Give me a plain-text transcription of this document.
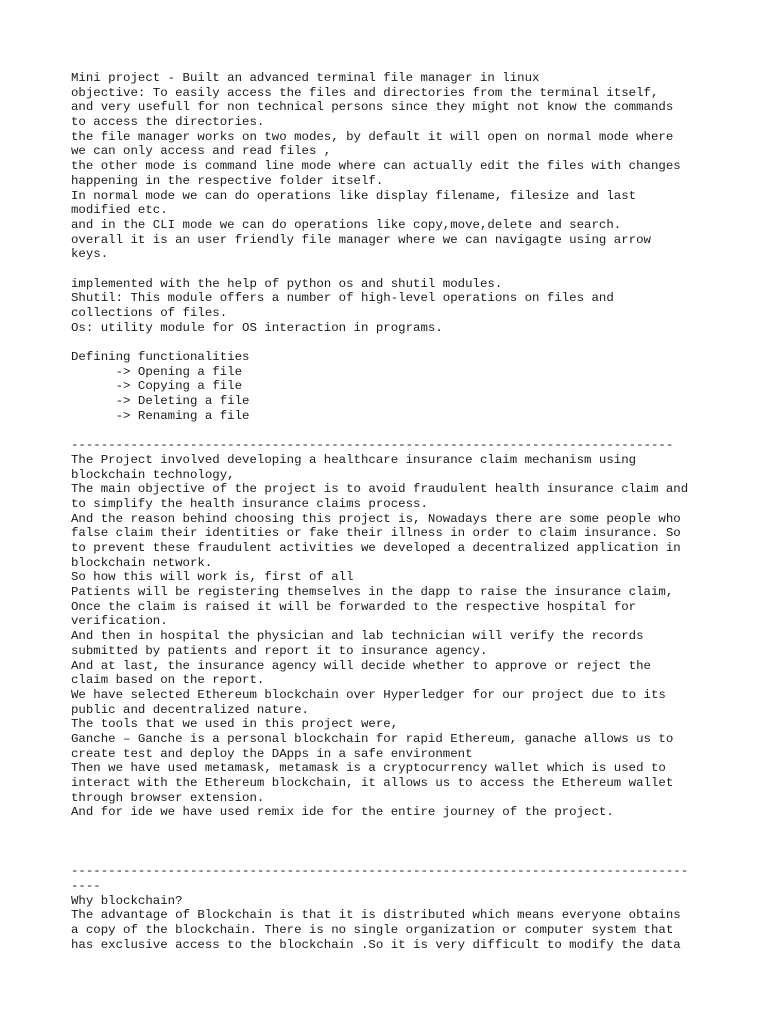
Mini project - Built an advanced terminal file manager in linux
objective: To easily access the files and directories from the terminal itself,
and very usefull for non technical persons since they might not know the commands
to access the directories.
the file manager works on two modes, by default it will open on normal mode where
we can only access and read files ,
the other mode is command line mode where can actually edit the files with changes
happening in the respective folder itself.
In normal mode we can do operations like display filename, filesize and last
modified etc.
and in the CLI mode we can do operations like copy,move,delete and search.
overall it is an user friendly file manager where we can navigagte using arrow
keys.
implemented with the help of python os and shutil modules.
Shutil: This module offers a number of high-level operations on files and
collections of files.
Os: utility module for OS interaction in programs.
Defining functionalities
-> Opening a file
-> Copying a file
-> Deleting a file
-> Renaming a file
---------------------------------------------------------------------------------
The Project involved developing a healthcare insurance claim mechanism using
blockchain technology,
The main objective of the project is to avoid fraudulent health insurance claim and
to simplify the health insurance claims process.
And the reason behind choosing this project is, Nowadays there are some people who
false claim their identities or fake their illness in order to claim insurance. So
to prevent these fraudulent activities we developed a decentralized application in
blockchain network.
So how this will work is, first of all
Patients will be registering themselves in the dapp to raise the insurance claim,
Once the claim is raised it will be forwarded to the respective hospital for
verification.
And then in hospital the physician and lab technician will verify the records
submitted by patients and report it to insurance agency.
And at last, the insurance agency will decide whether to approve or reject the
claim based on the report.
We have selected Ethereum blockchain over Hyperledger for our project due to its
public and decentralized nature.
The tools that we used in this project were,
Ganche – Ganche is a personal blockchain for rapid Ethereum, ganache allows us to
create test and deploy the DApps in a safe environment
Then we have used metamask, metamask is a cryptocurrency wallet which is used to
interact with the Ethereum blockchain, it allows us to access the Ethereum wallet
through browser extension.
And for ide we have used remix ide for the entire journey of the project.
-----------------------------------------------------------------------------------
----
Why blockchain?
The advantage of Blockchain is that it is distributed which means everyone obtains
a copy of the blockchain. There is no single organization or computer system that
has exclusive access to the blockchain .So it is very difficult to modify the data
